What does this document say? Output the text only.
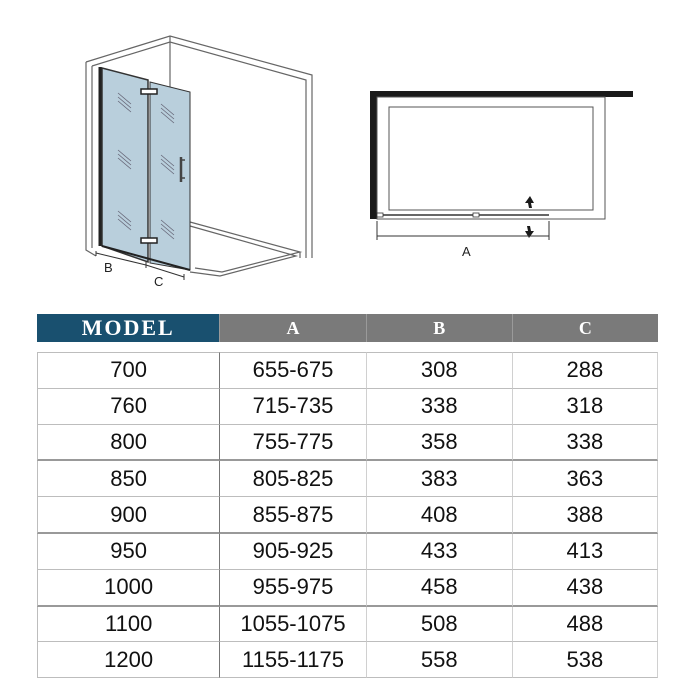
B
C
A
MODEL	A	B	C

700	655-675	308	288
760	715-735	338	318
800	755-775	358	338
850	805-825	383	363
900	855-875	408	388
950	905-925	433	413
1000	955-975	458	438
1100	1055-1075	508	488
1200	1155-1175	558	538
